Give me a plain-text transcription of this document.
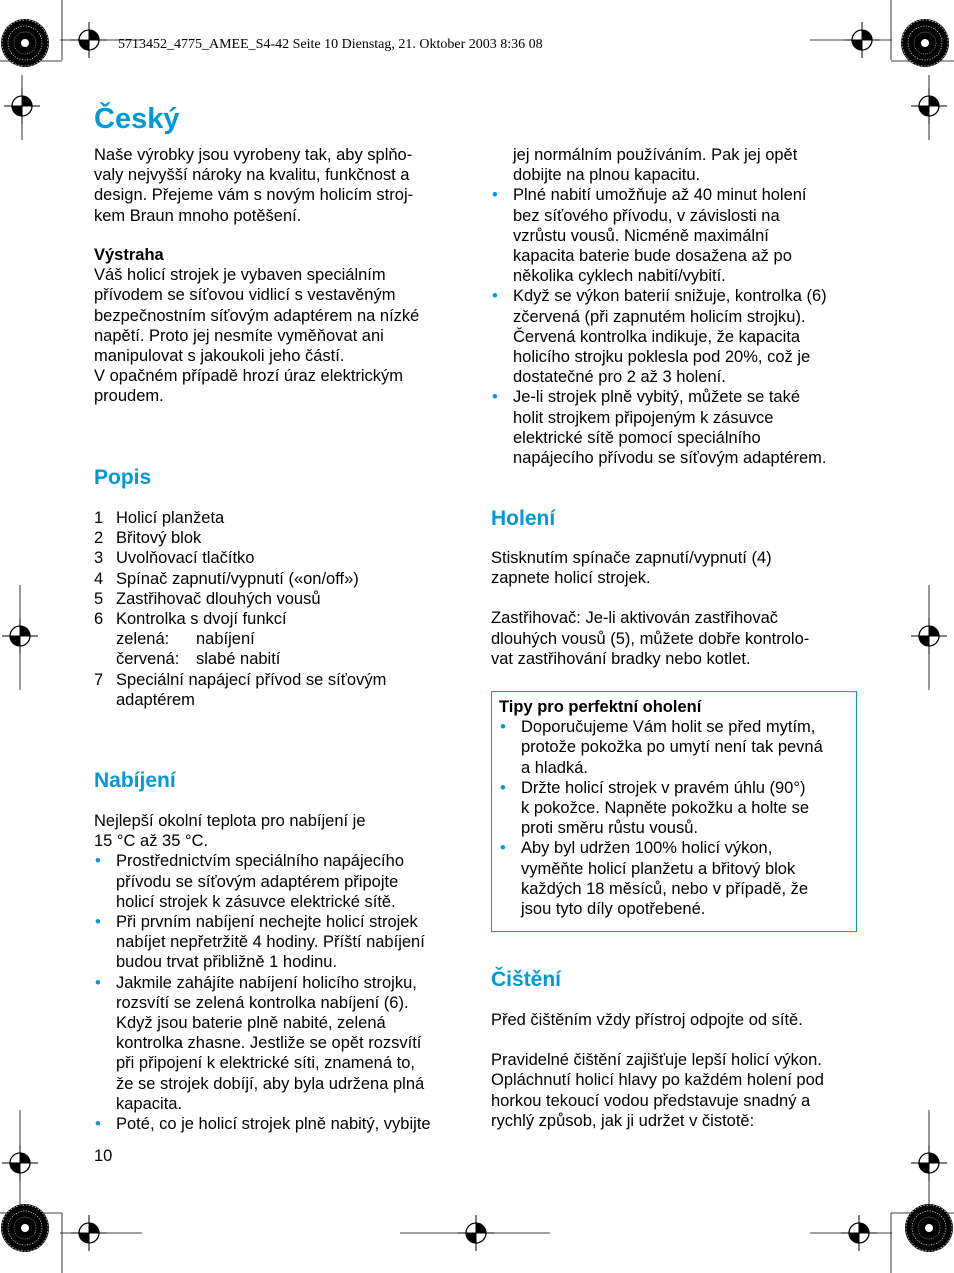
5713452_4775_AMEE_S4-42 Seite 10 Dienstag, 21. Oktober 2003 8:36 08
Český
Naše výrobky jsou vyrobeny tak, aby splňo-
valy nejvyšší nároky na kvalitu, funkčnost a
design. Přejeme vám s novým holicím stroj-
kem Braun mnoho potěšení.
Výstraha
Váš holicí strojek je vybaven speciálním
přívodem se síťovou vidlicí s vestavěným
bezpečnostním síťovým adaptérem na nízké
napětí. Proto jej nesmíte vyměňovat ani
manipulovat s jakoukoli jeho částí.
V opačném případě hrozí úraz elektrickým
proudem.
Popis
1 Holicí planžeta
2 Břitový blok
3 Uvolňovací tlačítko
4 Spínač zapnutí/vypnutí («on/off»)
5 Zastřihovač dlouhých vousů
6 Kontrolka s dvojí funkcí
zelená:	nabíjení
červená:	slabé nabití
7 Speciální napájecí přívod se síťovým
adaptérem
Nabíjení
Nejlepší okolní teplota pro nabíjení je
15 °C až 35 °C.
• Prostřednictvím speciálního napájecího
přívodu se síťovým adaptérem připojte
holicí strojek k zásuvce elektrické sítě.
• Při prvním nabíjení nechejte holicí strojek
nabíjet nepřetržitě 4 hodiny. Příští nabíjení
budou trvat přibližně 1 hodinu.
• Jakmile zahájíte nabíjení holicího strojku,
rozsvítí se zelená kontrolka nabíjení (6).
Když jsou baterie plně nabité, zelená
kontrolka zhasne. Jestliže se opět rozsvítí
při připojení k elektrické síti, znamená to,
že se strojek dobíjí, aby byla udržena plná
kapacita.
• Poté, co je holicí strojek plně nabitý, vybijte
10
jej normálním používáním. Pak jej opět
dobijte na plnou kapacitu.
• Plné nabití umožňuje až 40 minut holení
bez síťového přívodu, v závislosti na
vzrůstu vousů. Nicméně maximální
kapacita baterie bude dosažena až po
několika cyklech nabití/vybití.
• Když se výkon baterií snižuje, kontrolka (6)
zčervená (při zapnutém holicím strojku).
Červená kontrolka indikuje, že kapacita
holicího strojku poklesla pod 20%, což je
dostatečné pro 2 až 3 holení.
• Je-li strojek plně vybitý, můžete se také
holit strojkem připojeným k zásuvce
elektrické sítě pomocí speciálního
napájecího přívodu se síťovým adaptérem.
Holení
Stisknutím spínače zapnutí/vypnutí (4)
zapnete holicí strojek.
Zastřihovač: Je-li aktivován zastřihovač
dlouhých vousů (5), můžete dobře kontrolo-
vat zastřihování bradky nebo kotlet.
Tipy pro perfektní oholení
• Doporučujeme Vám holit se před mytím,
protože pokožka po umytí není tak pevná
a hladká.
• Držte holicí strojek v pravém úhlu (90°)
k pokožce. Napněte pokožku a holte se
proti směru růstu vousů.
• Aby byl udržen 100% holicí výkon,
vyměňte holicí planžetu a břitový blok
každých 18 měsíců, nebo v případě, že
jsou tyto díly opotřebené.
Čištění
Před čištěním vždy přístroj odpojte od sítě.
Pravidelné čištění zajišťuje lepší holicí výkon.
Opláchnutí holicí hlavy po každém holení pod
horkou tekoucí vodou představuje snadný a
rychlý způsob, jak ji udržet v čistotě:
